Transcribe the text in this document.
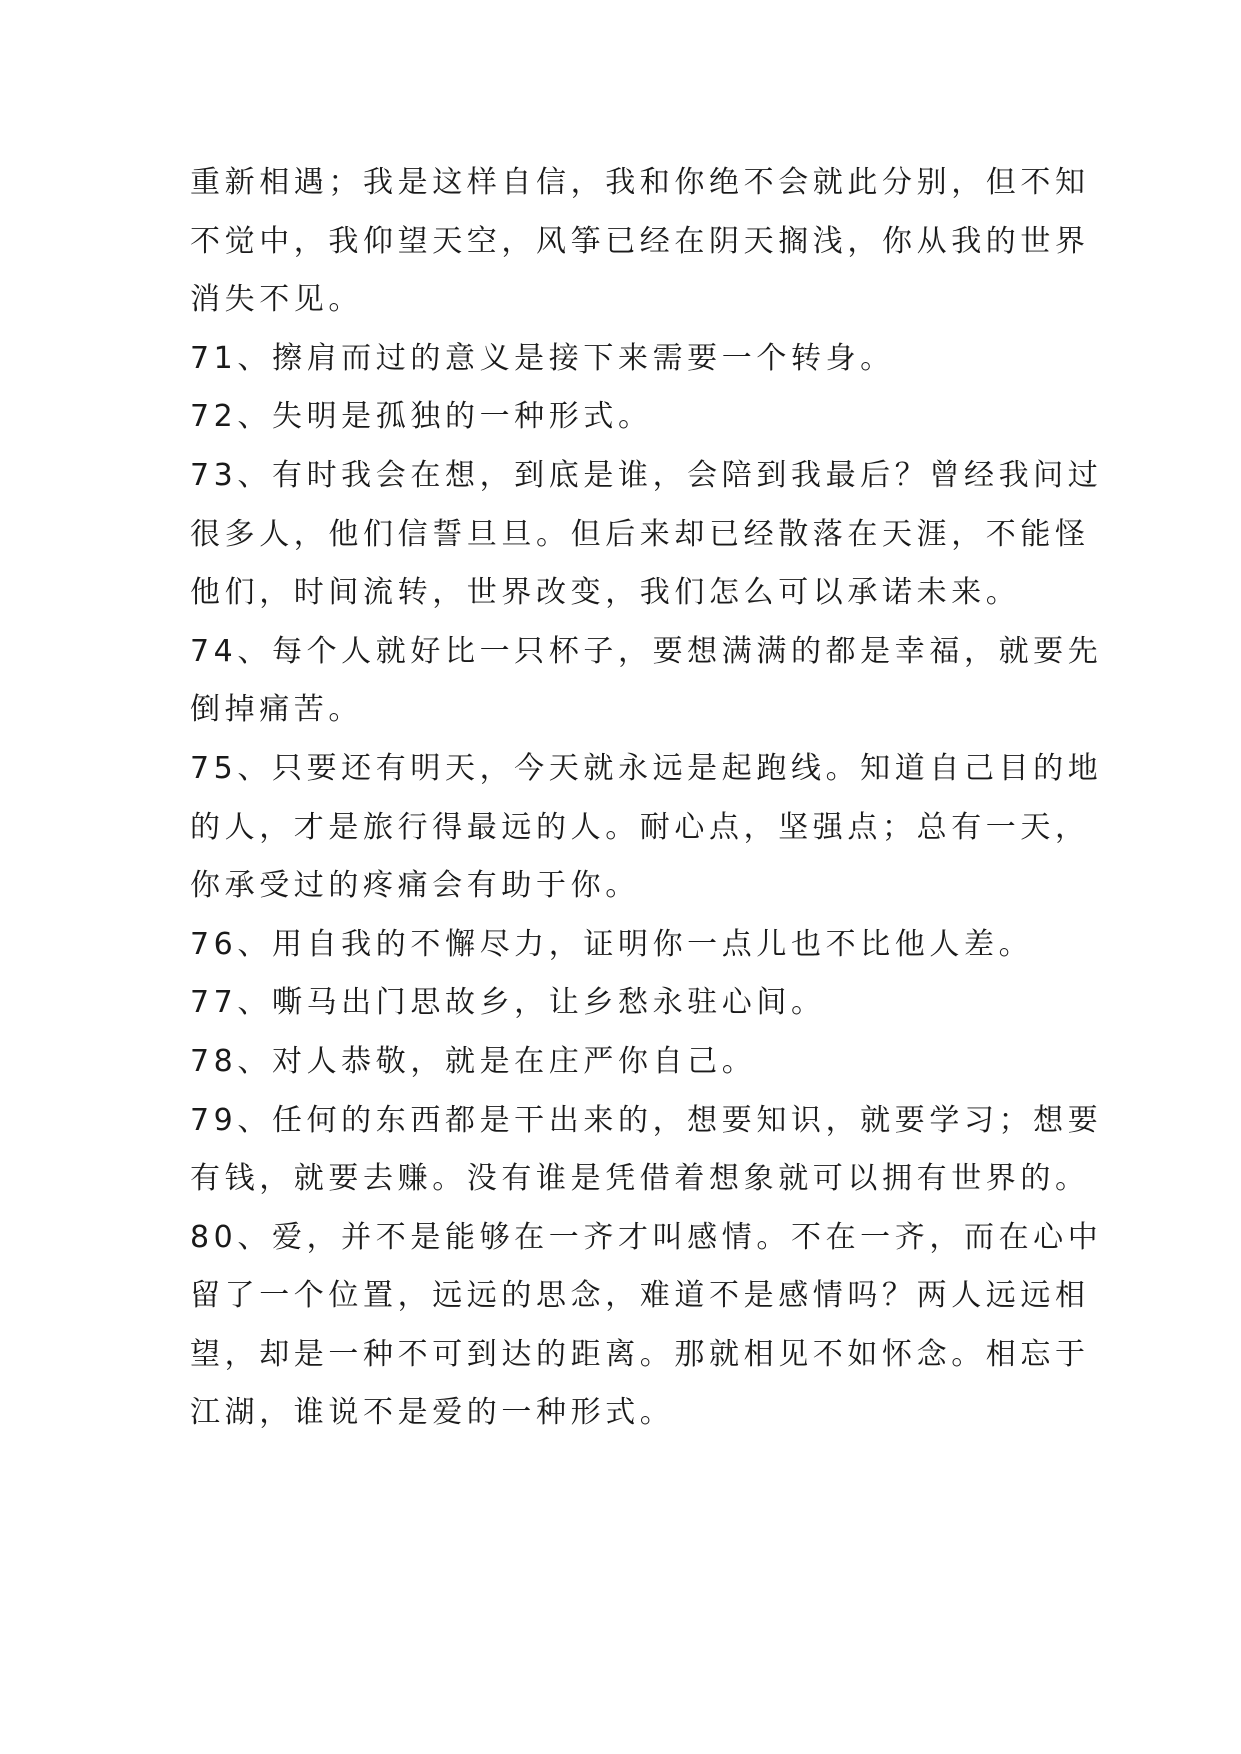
重新相遇；我是这样自信，我和你绝不会就此分别，但不知
不觉中，我仰望天空，风筝已经在阴天搁浅，你从我的世界
消失不见。
71、擦肩而过的意义是接下来需要一个转身。
72、失明是孤独的一种形式。
73、有时我会在想，到底是谁，会陪到我最后？曾经我问过
很多人，他们信誓旦旦。但后来却已经散落在天涯，不能怪
他们，时间流转，世界改变，我们怎么可以承诺未来。
74、每个人就好比一只杯子，要想满满的都是幸福，就要先
倒掉痛苦。
75、只要还有明天，今天就永远是起跑线。知道自己目的地
的人，才是旅行得最远的人。耐心点，坚强点；总有一天，
你承受过的疼痛会有助于你。
76、用自我的不懈尽力，证明你一点儿也不比他人差。
77、嘶马出门思故乡，让乡愁永驻心间。
78、对人恭敬，就是在庄严你自己。
79、任何的东西都是干出来的，想要知识，就要学习；想要
有钱，就要去赚。没有谁是凭借着想象就可以拥有世界的。
80、爱，并不是能够在一齐才叫感情。不在一齐，而在心中
留了一个位置，远远的思念，难道不是感情吗？两人远远相
望，却是一种不可到达的距离。那就相见不如怀念。相忘于
江湖，谁说不是爱的一种形式。
